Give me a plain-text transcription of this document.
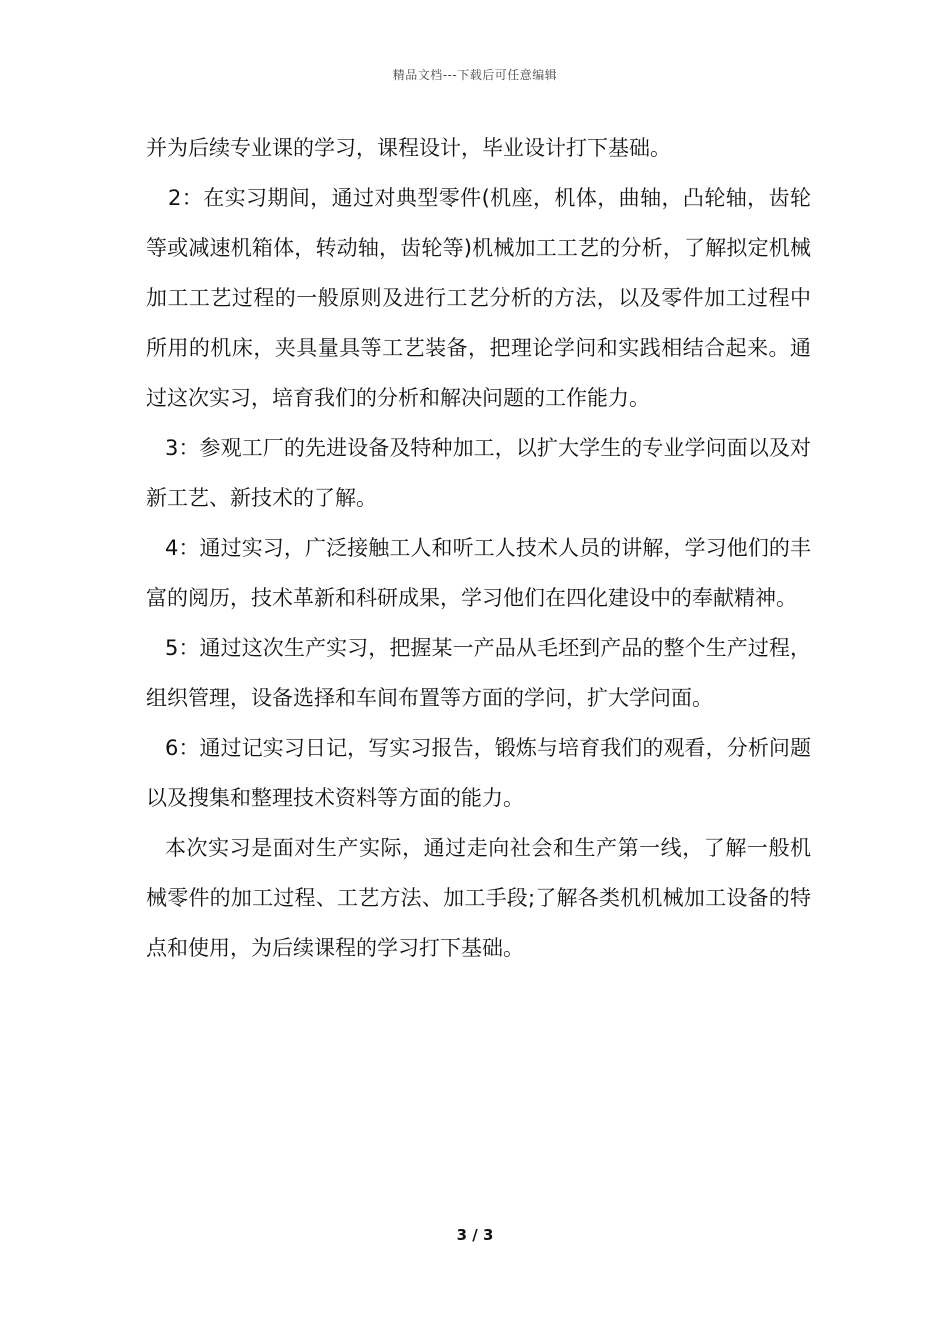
精品文档---下载后可任意编辑

并为后续专业课的学习，课程设计，毕业设计打下基础。

2：在实习期间，通过对典型零件(机座，机体，曲轴，凸轮轴，齿轮等或减速机箱体，转动轴，齿轮等)机械加工工艺的分析，了解拟定机械加工工艺过程的一般原则及进行工艺分析的方法，以及零件加工过程中所用的机床，夹具量具等工艺装备，把理论学问和实践相结合起来。通过这次实习，培育我们的分析和解决问题的工作能力。

3：参观工厂的先进设备及特种加工，以扩大学生的专业学问面以及对新工艺、新技术的了解。

4：通过实习，广泛接触工人和听工人技术人员的讲解，学习他们的丰富的阅历，技术革新和科研成果，学习他们在四化建设中的奉献精神。

5：通过这次生产实习，把握某一产品从毛坯到产品的整个生产过程，组织管理，设备选择和车间布置等方面的学问，扩大学问面。

6：通过记实习日记，写实习报告，锻炼与培育我们的观看，分析问题以及搜集和整理技术资料等方面的能力。

本次实习是面对生产实际，通过走向社会和生产第一线，了解一般机械零件的加工过程、工艺方法、加工手段;了解各类机机械加工设备的特点和使用，为后续课程的学习打下基础。

3 / 3
